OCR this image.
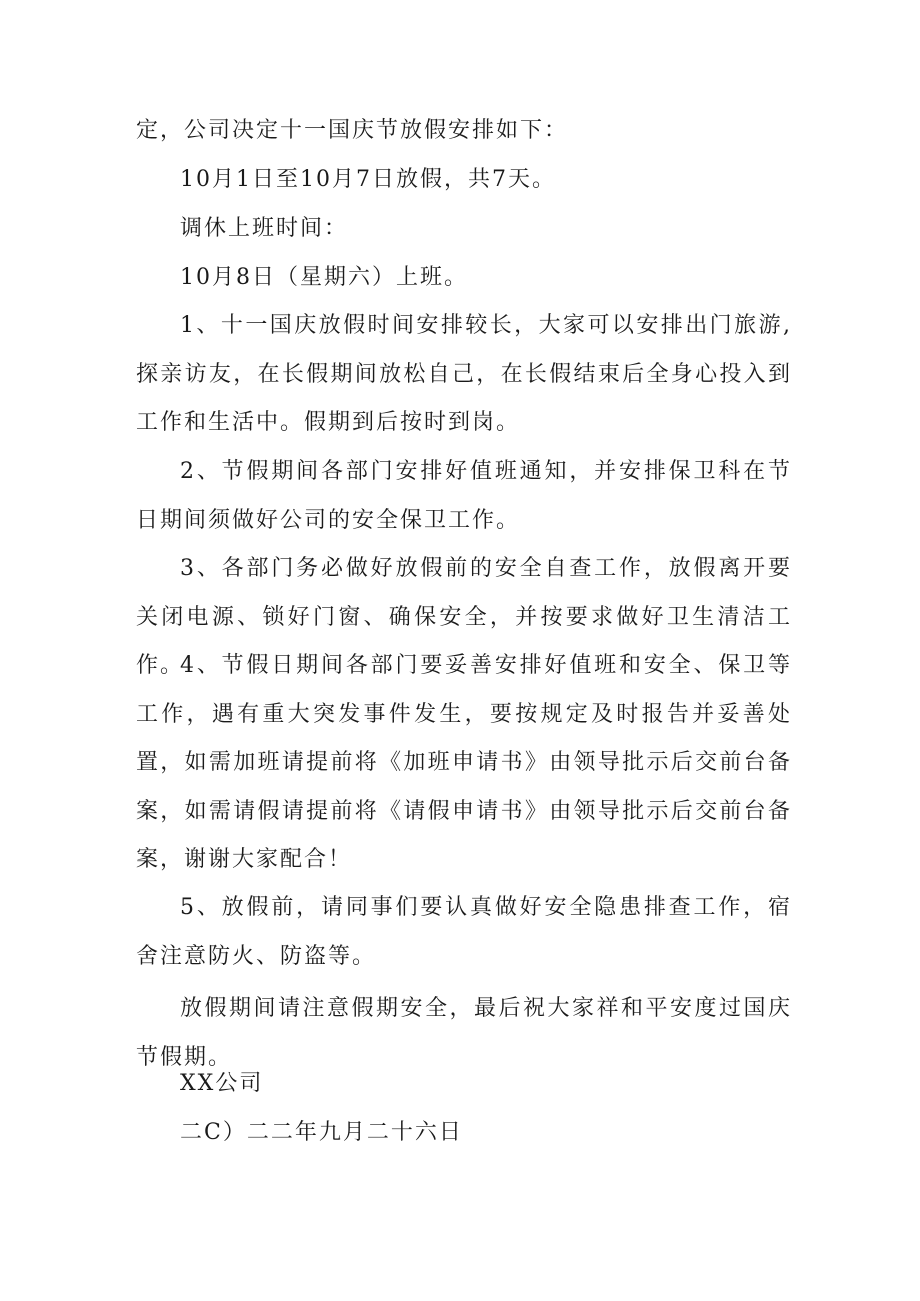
定，公司决定十一国庆节放假安排如下：

10月1日至10月7日放假，共7天。

调休上班时间：

10月8日（星期六）上班。

1、十一国庆放假时间安排较长，大家可以安排出门旅游,探亲访友，在长假期间放松自己，在长假结束后全身心投入到工作和生活中。假期到后按时到岗。

2、节假期间各部门安排好值班通知，并安排保卫科在节日期间须做好公司的安全保卫工作。

3、各部门务必做好放假前的安全自查工作，放假离开要关闭电源、锁好门窗、确保安全，并按要求做好卫生清洁工作。

4、节假日期间各部门要妥善安排好值班和安全、保卫等工作，遇有重大突发事件发生，要按规定及时报告并妥善处置，如需加班请提前将《加班申请书》由领导批示后交前台备案，如需请假请提前将《请假申请书》由领导批示后交前台备案，谢谢大家配合！

5、放假前，请同事们要认真做好安全隐患排查工作，宿舍注意防火、防盗等。

放假期间请注意假期安全，最后祝大家祥和平安度过国庆节假期。

XX公司

二C）二二年九月二十六日
